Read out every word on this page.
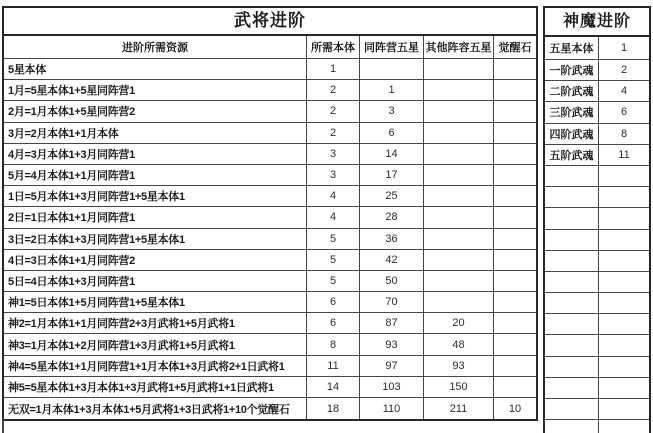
武将进阶
进阶所需资源	所需本体 同阵营五星 其他阵容五星 觉醒石
5星本体	1
1月=5星本体1+5星同阵营1	2	1
2月=1月本体1+5星同阵营2	2	3
3月=2月本体1+1月本体	2	6
4月=3月本体1+3月同阵营1	3	14
5月=4月本体1+1月同阵营1	3	17
1日=5月本体1+3月同阵营1+5星本体1	4	25
2日=1日本体1+1月同阵营1	4	28
3日=2日本体1+3月同阵营1+5星本体1	5	36
4日=3日本体1+1月同阵营2	5	42
5日=4日本体1+3月同阵营1	5	50
神1=5日本体1+5月同阵营1+5星本体1	6	70
神2=1月本体1+1月同阵营2+3月武将1+5月武将1	6	87	20
神3=1月本体1+2月同阵营1+3月武将1+5月武将1	8	93	48
神4=5星本体1+1月同阵营1+1月本体1+3月武将2+1日武将1	11	97	93
神5=5星本体1+3月本体1+3月武将1+5月武将1+1日武将1	14	103	150
无双=1月本体1+3月本体1+5月武将1+3日武将1+10个觉醒石	18	110	211	10
神魔进阶
五星本体	1
一阶武魂	2
二阶武魂	4
三阶武魂	6
四阶武魂	8
五阶武魂	11
